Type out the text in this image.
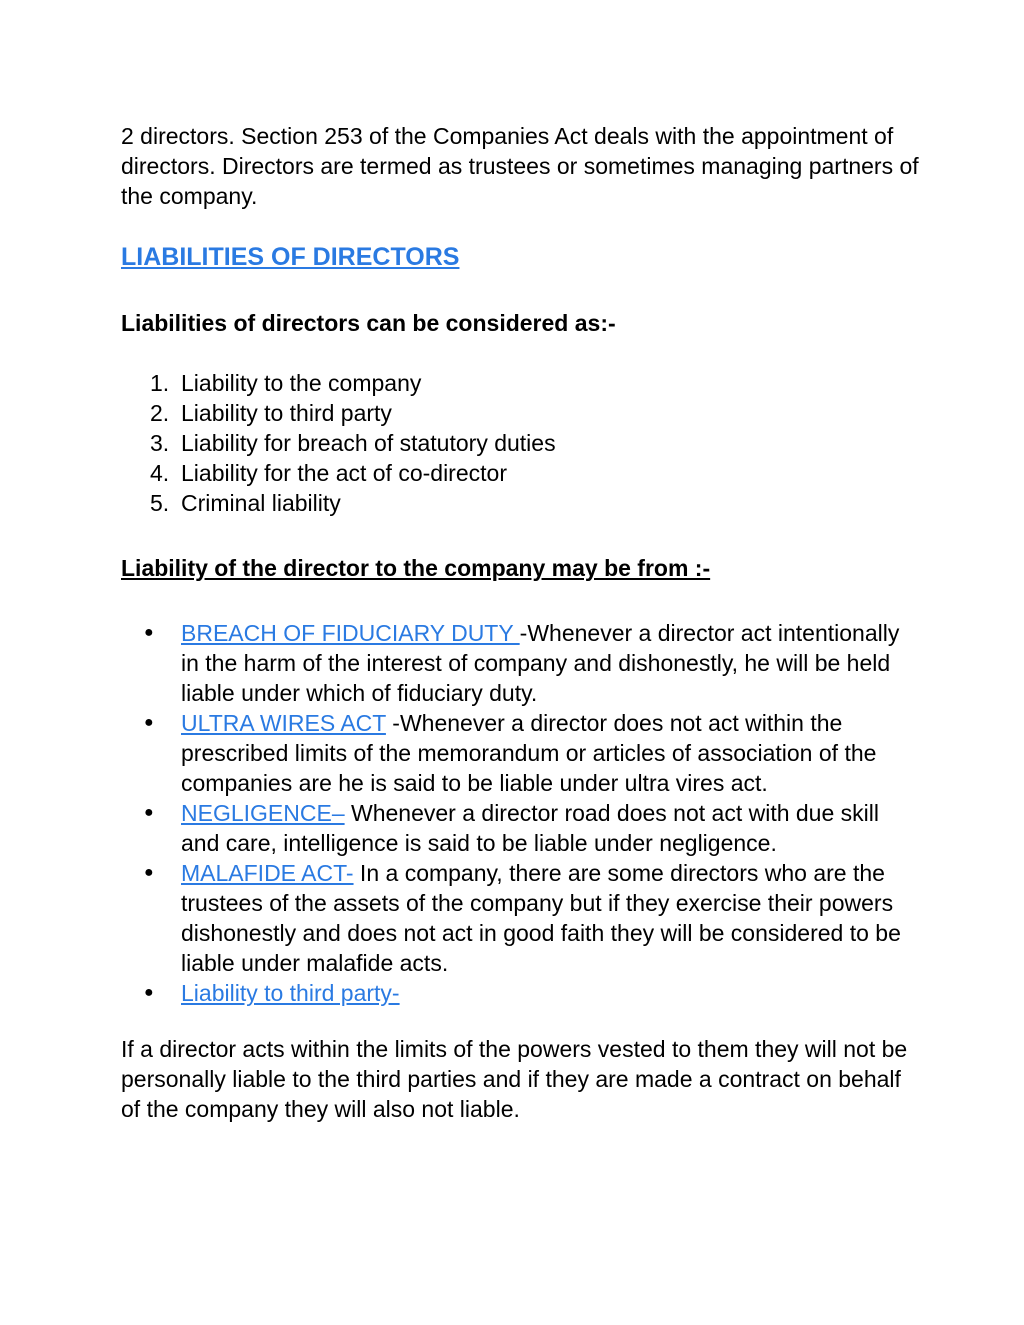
2 directors. Section 253 of the Companies Act deals with the appointment of directors. Directors are termed as trustees or sometimes managing partners of the company.

LIABILITIES OF DIRECTORS

Liabilities of directors can be considered as:-

1. Liability to the company
2. Liability to third party
3. Liability for breach of statutory duties
4. Liability for the act of co-director
5. Criminal liability

Liability of the director to the company may be from :-

● BREACH OF FIDUCIARY DUTY -Whenever a director act intentionally in the harm of the interest of company and dishonestly, he will be held liable under which of fiduciary duty.
● ULTRA WIRES ACT -Whenever a director does not act within the prescribed limits of the memorandum or articles of association of the companies are he is said to be liable under ultra vires act.
● NEGLIGENCE– Whenever a director road does not act with due skill and care, intelligence is said to be liable under negligence.
● MALAFIDE ACT- In a company, there are some directors who are the trustees of the assets of the company but if they exercise their powers dishonestly and does not act in good faith they will be considered to be liable under malafide acts.
● Liability to third party-

If a director acts within the limits of the powers vested to them they will not be personally liable to the third parties and if they are made a contract on behalf of the company they will also not liable.
